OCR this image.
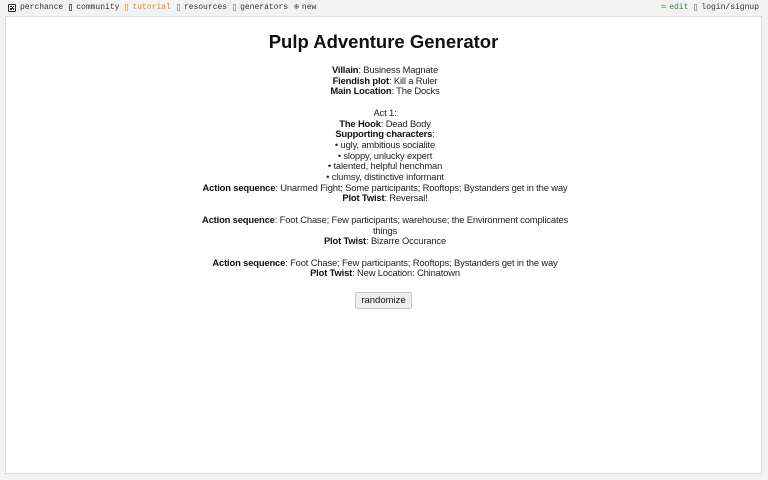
perchance community tutorial resources generators ⊕ new	═ edit login/signup
Pulp Adventure Generator
Villain: Business Magnate
Fiendish plot: Kill a Ruler
Main Location: The Docks
Act 1:
The Hook: Dead Body
Supporting characters:
• ugly, ambitious socialite
• sloppy, unlucky expert
• talented, helpful henchman
• clumsy, distinctive informant
Action sequence: Unarmed Fight; Some participants; Rooftops; Bystanders get in the way
Plot Twist: Reversal!
Action sequence: Foot Chase; Few participants; warehouse; the Environment complicates things
Plot Twist: Bizarre Occurance
Action sequence: Foot Chase; Few participants; Rooftops; Bystanders get in the way
Plot Twist: New Location: Chinatown
randomize
